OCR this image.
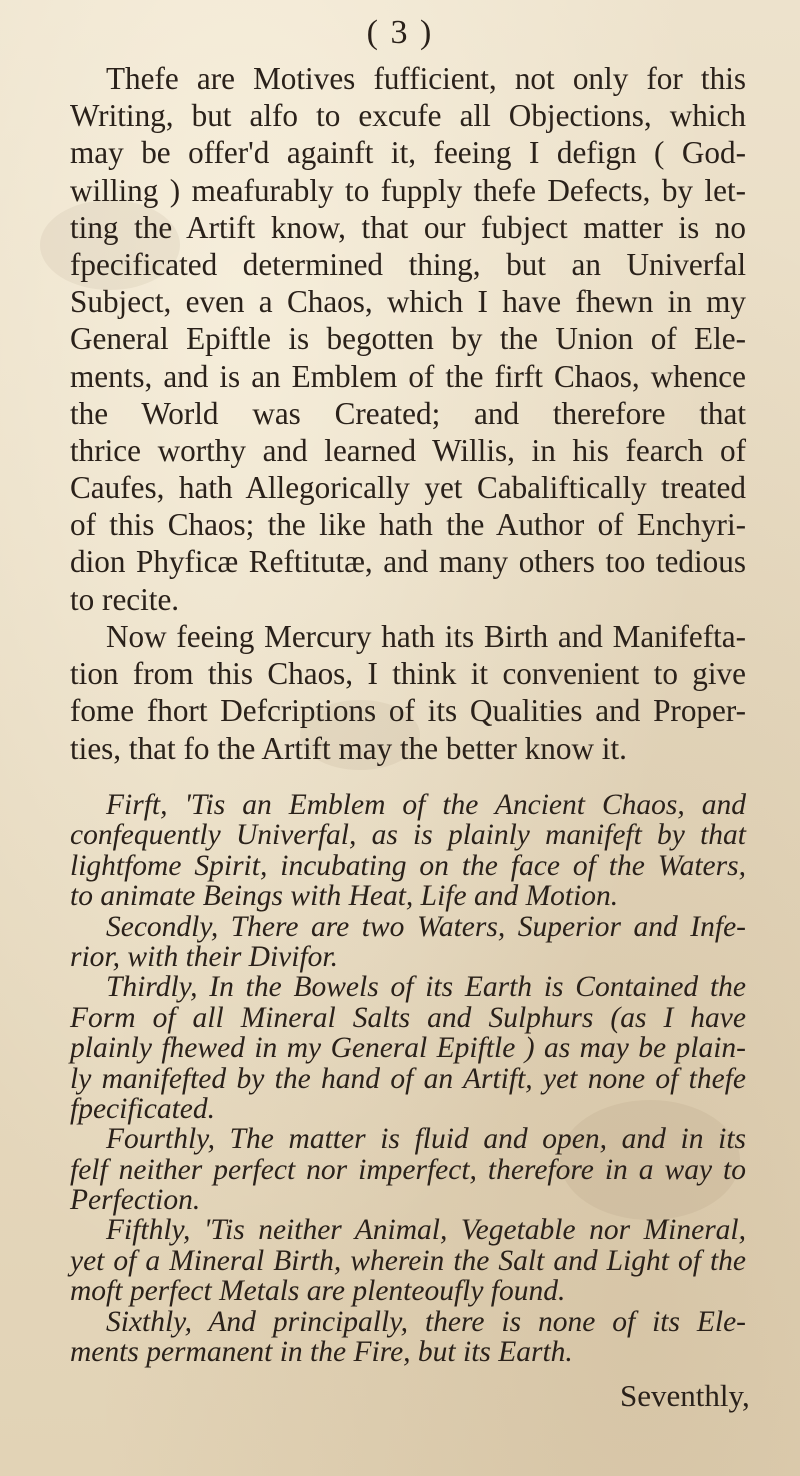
( 3 )
Thefe are Motives fufficient, not only for this
Writing, but alfo to excufe all Objections, which
may be offer'd againft it, feeing I defign ( God-
willing ) meafurably to fupply thefe Defects, by let-
ting the Artift know, that our fubject matter is no
fpecificated determined thing, but an Univerfal
Subject, even a Chaos, which I have fhewn in my
General Epiftle is begotten by the Union of Ele-
ments, and is an Emblem of the firft Chaos, whence
the World was Created; and therefore that
thrice worthy and learned Willis, in his fearch of
Caufes, hath Allegorically yet Cabaliftically treated
of this Chaos; the like hath the Author of Enchyri-
dion Phyficæ Reftitutæ, and many others too tedious
to recite.
Now feeing Mercury hath its Birth and Manifefta-
tion from this Chaos, I think it convenient to give
fome fhort Defcriptions of its Qualities and Proper-
ties, that fo the Artift may the better know it.
Firft, 'Tis an Emblem of the Ancient Chaos, and
confequently Univerfal, as is plainly manifeft by that
lightfome Spirit, incubating on the face of the Waters,
to animate Beings with Heat, Life and Motion.
Secondly, There are two Waters, Superior and Infe-
rior, with their Divifor.
Thirdly, In the Bowels of its Earth is Contained the
Form of all Mineral Salts and Sulphurs (as I have
plainly fhewed in my General Epiftle ) as may be plain-
ly manifefted by the hand of an Artift, yet none of thefe
fpecificated.
Fourthly, The matter is fluid and open, and in its
felf neither perfect nor imperfect, therefore in a way to
Perfection.
Fifthly, 'Tis neither Animal, Vegetable nor Mineral,
yet of a Mineral Birth, wherein the Salt and Light of the
moft perfect Metals are plenteoufly found.
Sixthly, And principally, there is none of its Ele-
ments permanent in the Fire, but its Earth.
Seventhly,
